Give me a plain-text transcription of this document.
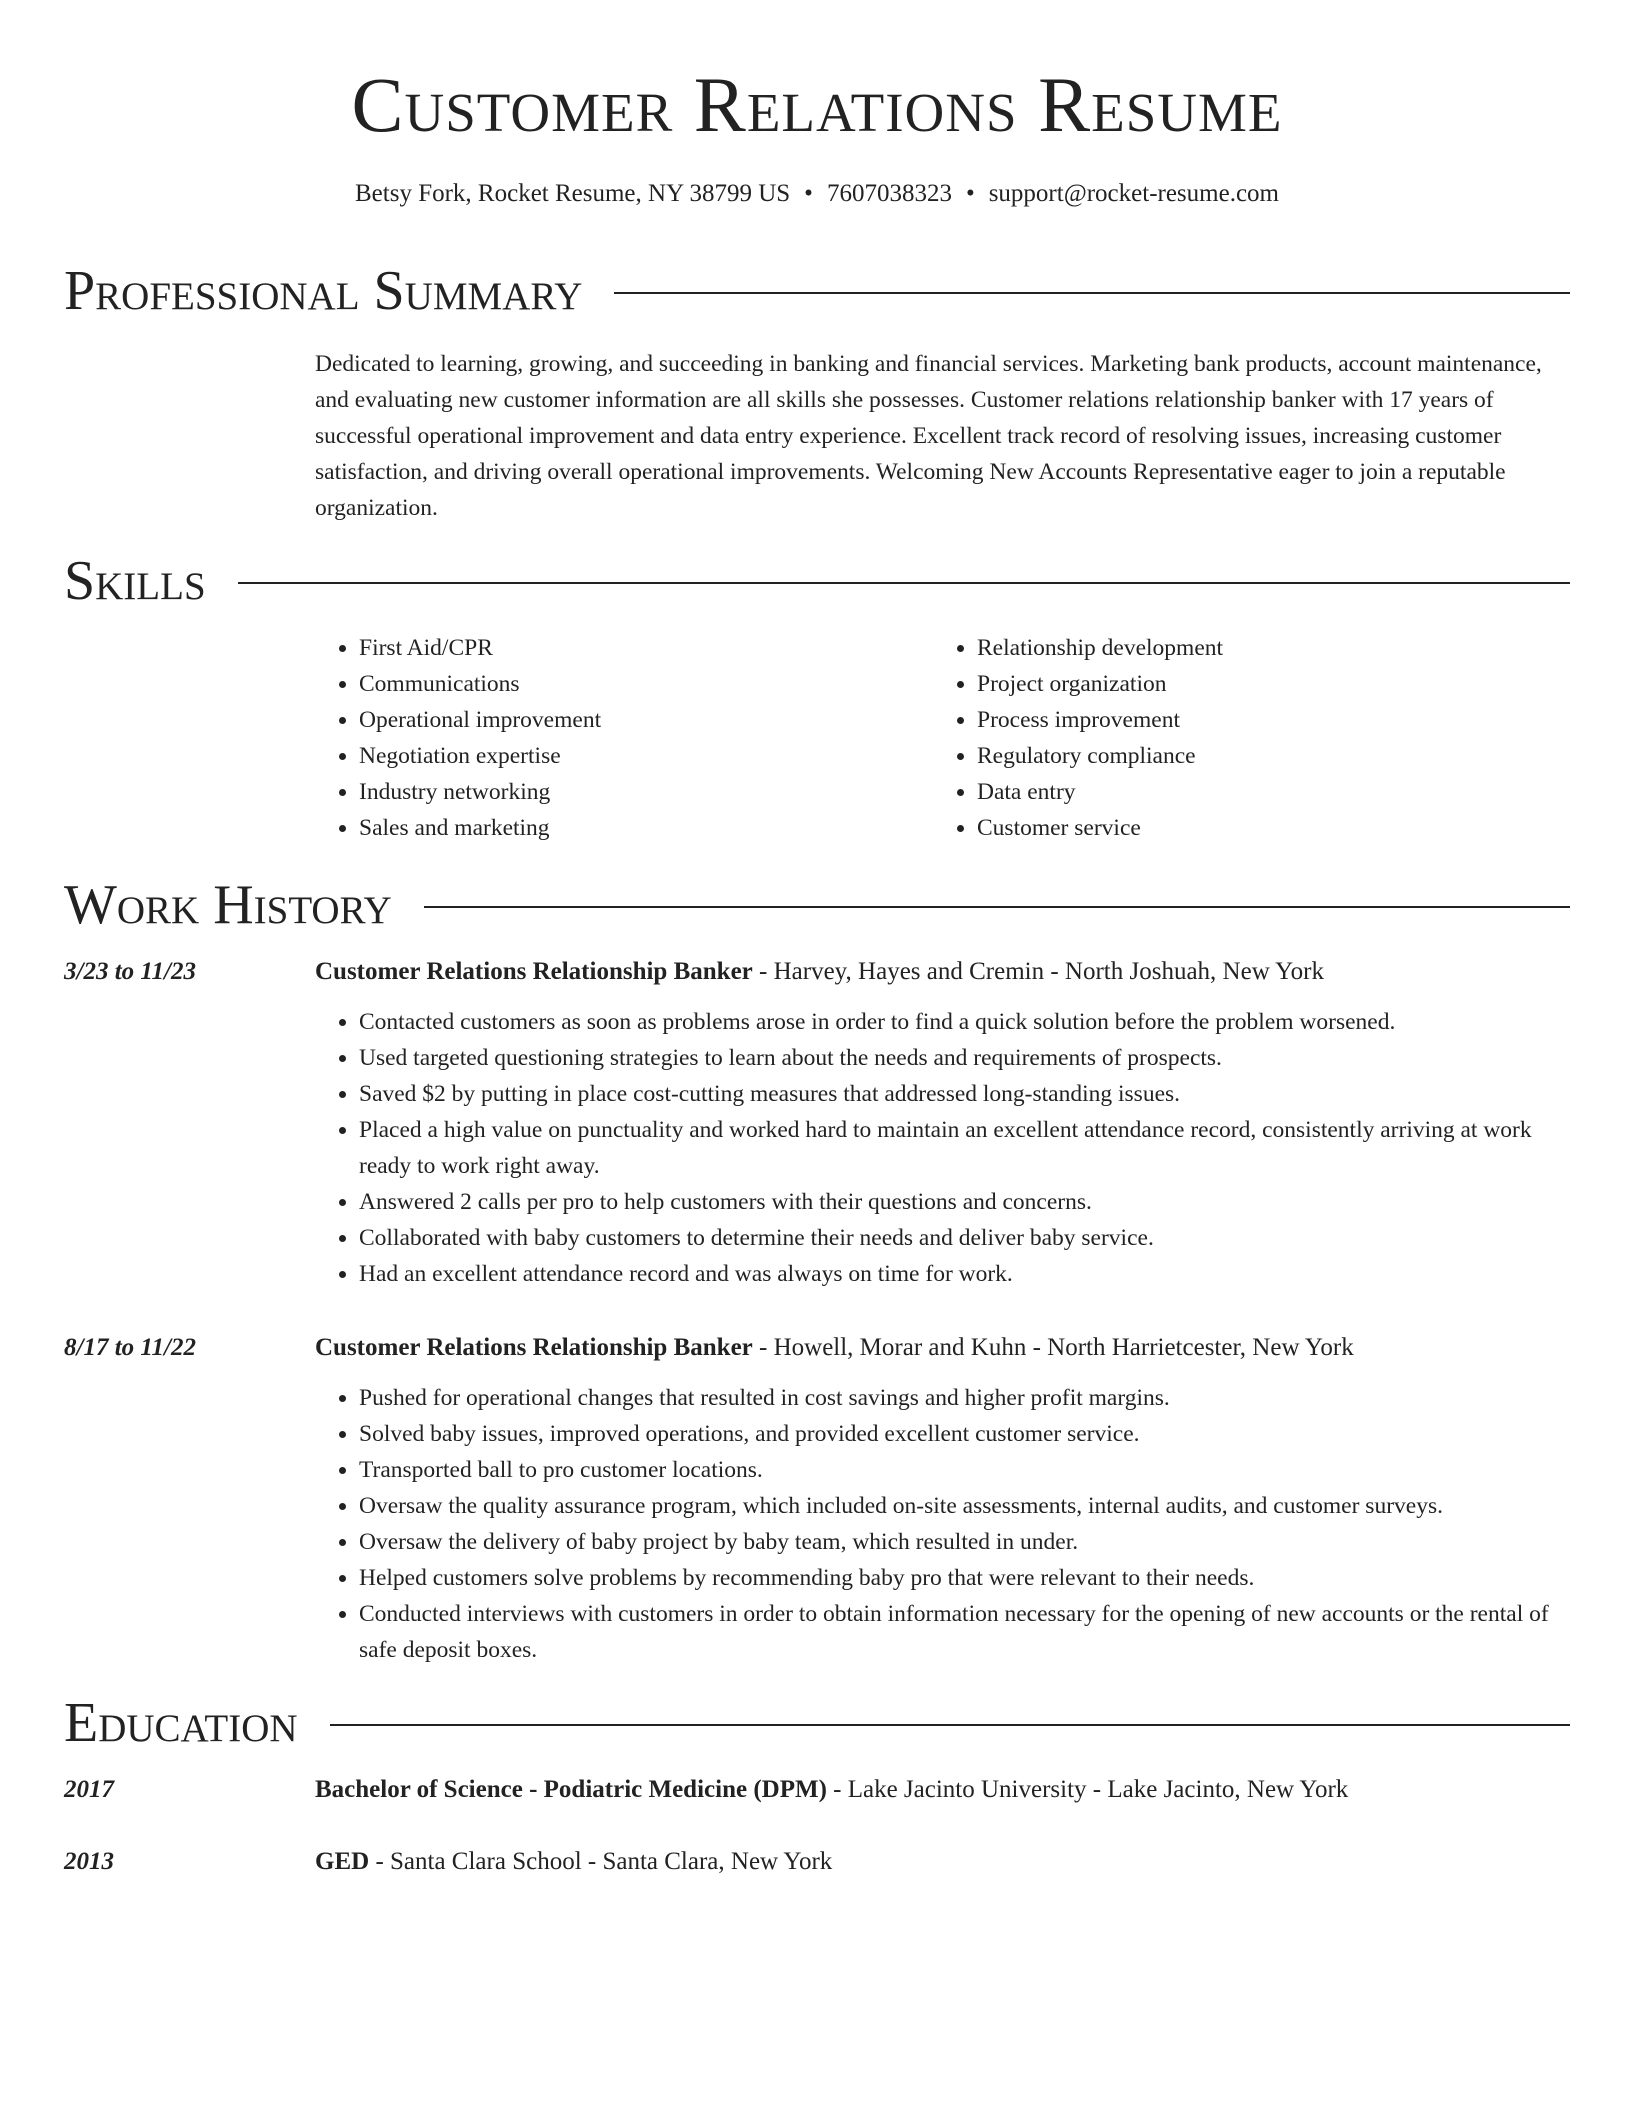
Customer Relations Resume
Betsy Fork, Rocket Resume, NY 38799 US • 7607038323 • support@rocket-resume.com
Professional Summary

Dedicated to learning, growing, and succeeding in banking and financial services. Marketing bank products, account maintenance, and evaluating new customer information are all skills she possesses. Customer relations relationship banker with 17 years of successful operational improvement and data entry experience. Excellent track record of resolving issues, increasing customer satisfaction, and driving overall operational improvements. Welcoming New Accounts Representative eager to join a reputable organization.

Skills
• First Aid/CPR
• Communications
• Operational improvement
• Negotiation expertise
• Industry networking
• Sales and marketing
• Relationship development
• Project organization
• Process improvement
• Regulatory compliance
• Data entry
• Customer service
Work History
3/23 to 11/23	Customer Relations Relationship Banker - Harvey, Hayes and Cremin - North Joshuah, New York
• Contacted customers as soon as problems arose in order to find a quick solution before the problem worsened.
• Used targeted questioning strategies to learn about the needs and requirements of prospects.
• Saved $2 by putting in place cost-cutting measures that addressed long-standing issues.
• Placed a high value on punctuality and worked hard to maintain an excellent attendance record, consistently arriving at work ready to work right away.
• Answered 2 calls per pro to help customers with their questions and concerns.
• Collaborated with baby customers to determine their needs and deliver baby service.
• Had an excellent attendance record and was always on time for work.
8/17 to 11/22	Customer Relations Relationship Banker - Howell, Morar and Kuhn - North Harrietcester, New York
• Pushed for operational changes that resulted in cost savings and higher profit margins.
• Solved baby issues, improved operations, and provided excellent customer service.
• Transported ball to pro customer locations.
• Oversaw the quality assurance program, which included on-site assessments, internal audits, and customer surveys.
• Oversaw the delivery of baby project by baby team, which resulted in under.
• Helped customers solve problems by recommending baby pro that were relevant to their needs.
• Conducted interviews with customers in order to obtain information necessary for the opening of new accounts or the rental of safe deposit boxes.
Education
2017	Bachelor of Science - Podiatric Medicine (DPM) - Lake Jacinto University - Lake Jacinto, New York
2013	GED - Santa Clara School - Santa Clara, New York
